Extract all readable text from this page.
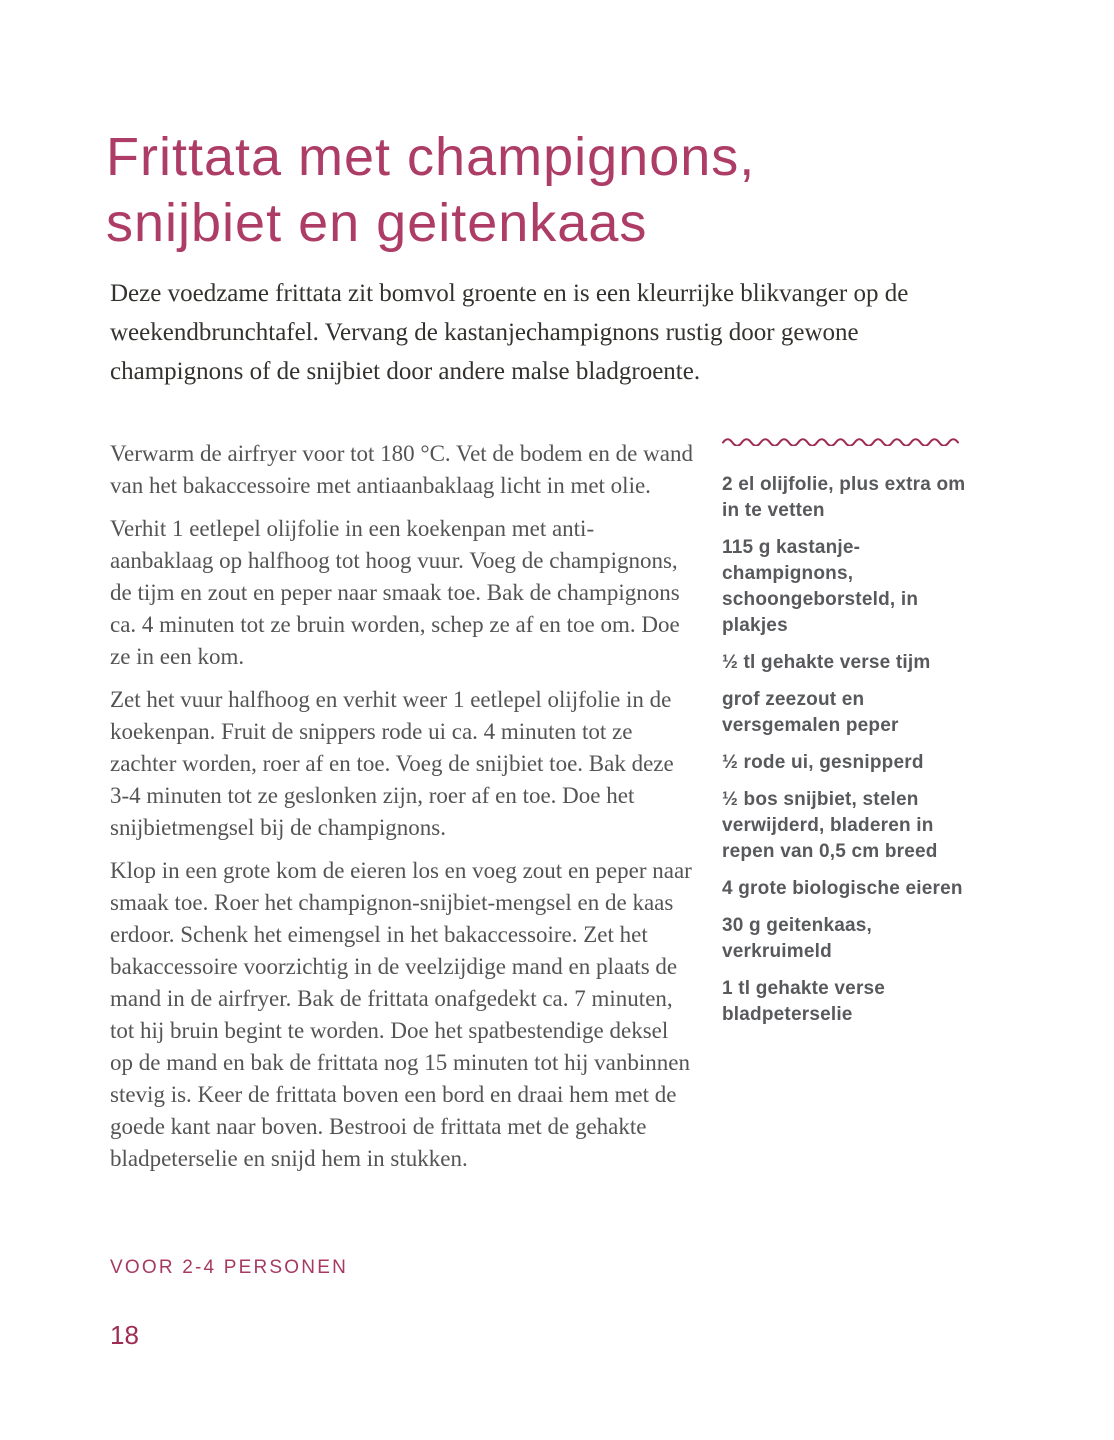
Frittata met champignons,
snijbiet en geitenkaas

Deze voedzame frittata zit bomvol groente en is een kleurrijke blikvanger op de weekendbrunchtafel. Vervang de kastanjechampignons rustig door gewone champignons of de snijbiet door andere malse bladgroente.

Verwarm de airfryer voor tot 180 °C. Vet de bodem en de wand van het bakaccessoire met antiaanbaklaag licht in met olie.

Verhit 1 eetlepel olijfolie in een koekenpan met anti-aanbaklaag op halfhoog tot hoog vuur. Voeg de champignons, de tijm en zout en peper naar smaak toe. Bak de champignons ca. 4 minuten tot ze bruin worden, schep ze af en toe om. Doe ze in een kom.

Zet het vuur halfhoog en verhit weer 1 eetlepel olijfolie in de koekenpan. Fruit de snippers rode ui ca. 4 minuten tot ze zachter worden, roer af en toe. Voeg de snijbiet toe. Bak deze 3-4 minuten tot ze geslonken zijn, roer af en toe. Doe het snijbietmengsel bij de champignons.

Klop in een grote kom de eieren los en voeg zout en peper naar smaak toe. Roer het champignon-snijbiet-mengsel en de kaas erdoor. Schenk het eimengsel in het bakaccessoire. Zet het bakaccessoire voorzichtig in de veelzijdige mand en plaats de mand in de airfryer. Bak de frittata onafgedekt ca. 7 minuten, tot hij bruin begint te worden. Doe het spatbestendige deksel op de mand en bak de frittata nog 15 minuten tot hij vanbinnen stevig is. Keer de frittata boven een bord en draai hem met de goede kant naar boven. Bestrooi de frittata met de gehakte bladpeterselie en snijd hem in stukken.

2 el olijfolie, plus extra om in te vetten

115 g kastanje-champignons, schoongeborsteld, in plakjes

½ tl gehakte verse tijm

grof zeezout en versgemalen peper

½ rode ui, gesnipperd

½ bos snijbiet, stelen verwijderd, bladeren in repen van 0,5 cm breed

4 grote biologische eieren

30 g geitenkaas, verkruimeld

1 tl gehakte verse bladpeterselie

VOOR 2-4 PERSONEN

18
